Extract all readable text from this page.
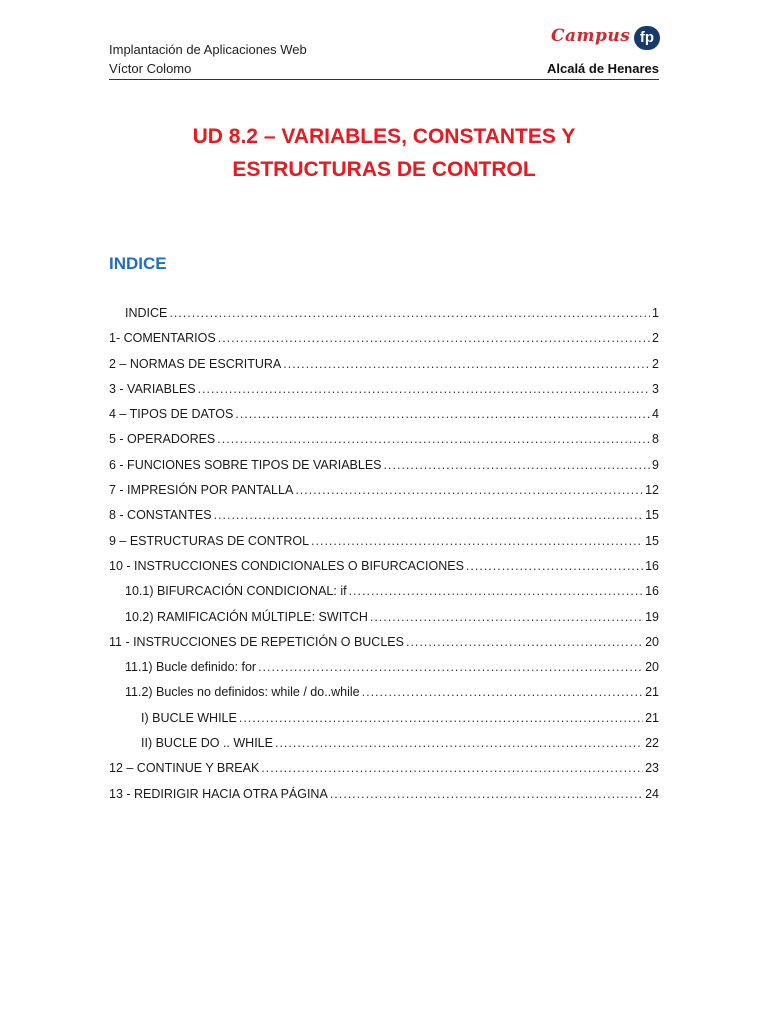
Implantación de Aplicaciones Web
Víctor Colomo	Alcalá de Henares
Campus fp
UD 8.2 – VARIABLES, CONSTANTES Y
ESTRUCTURAS DE CONTROL
INDICE
INDICE .....	1
1- COMENTARIOS .....	2
2 – NORMAS DE ESCRITURA .....	2
3 - VARIABLES .....	3
4 – TIPOS DE DATOS .....	4
5 - OPERADORES .....	8
6 - FUNCIONES SOBRE TIPOS DE VARIABLES .....	9
7 - IMPRESIÓN POR PANTALLA .....	12
8 - CONSTANTES .....	15
9 – ESTRUCTURAS DE CONTROL .....	15
10 - INSTRUCCIONES CONDICIONALES O BIFURCACIONES .....	16
10.1) BIFURCACIÓN CONDICIONAL: if .....	16
10.2) RAMIFICACIÓN MÚLTIPLE: SWITCH .....	19
11 - INSTRUCCIONES DE REPETICIÓN O BUCLES .....	20
11.1) Bucle definido: for .....	20
11.2) Bucles no definidos: while / do..while .....	21
I) BUCLE WHILE .....	21
II) BUCLE DO .. WHILE .....	22
12 – CONTINUE Y BREAK .....	23
13 - REDIRIGIR HACIA OTRA PÁGINA .....	24
